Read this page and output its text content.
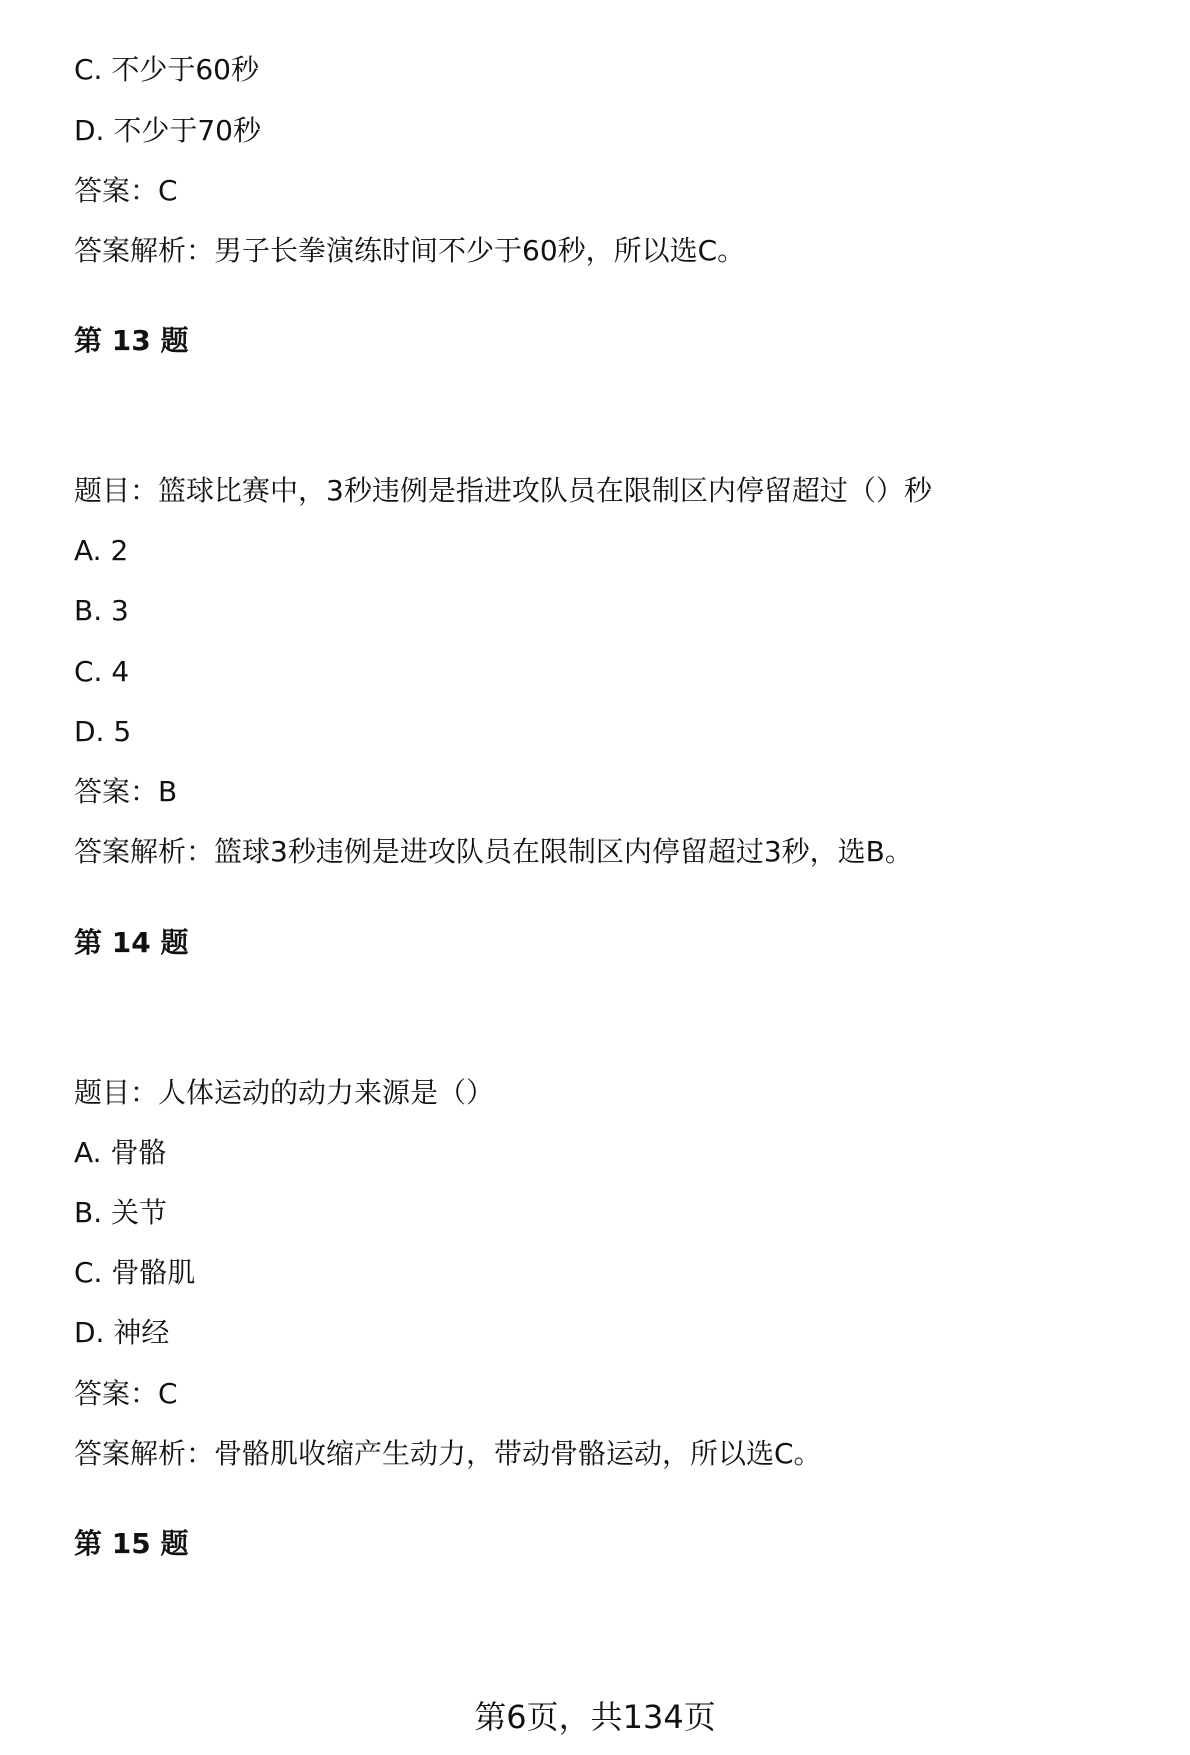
C. 不少于60秒
D. 不少于70秒
答案：C
答案解析：男子长拳演练时间不少于60秒，所以选C。
第 13 题
题目：篮球比赛中，3秒违例是指进攻队员在限制区内停留超过（）秒
A. 2
B. 3
C. 4
D. 5
答案：B
答案解析：篮球3秒违例是进攻队员在限制区内停留超过3秒，选B。
第 14 题
题目：人体运动的动力来源是（）
A. 骨骼
B. 关节
C. 骨骼肌
D. 神经
答案：C
答案解析：骨骼肌收缩产生动力，带动骨骼运动，所以选C。
第 15 题
第6页，共134页
